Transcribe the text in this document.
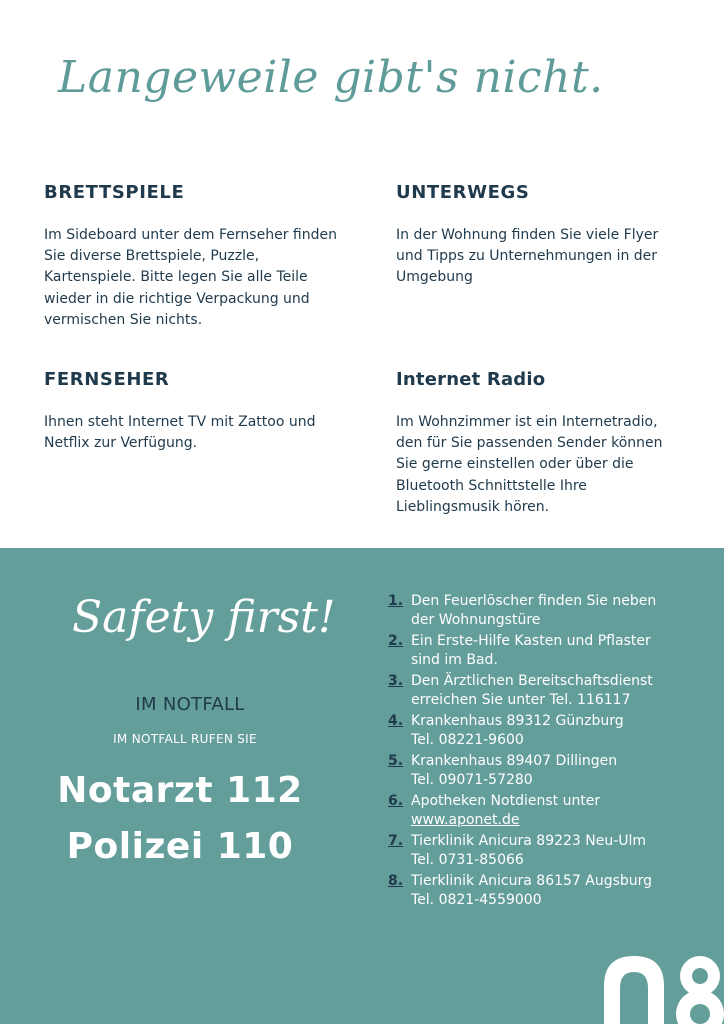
Langeweile gibt's nicht.
BRETTSPIELE

Im Sideboard unter dem Fernseher finden Sie diverse Brettspiele, Puzzle, Kartenspiele. Bitte legen Sie alle Teile wieder in die richtige Verpackung und vermischen Sie nichts.

UNTERWEGS

In der Wohnung finden Sie viele Flyer und Tipps zu Unternehmungen in der Umgebung

FERNSEHER

Ihnen steht Internet TV mit Zattoo und Netflix zur Verfügung.

Internet Radio

Im Wohnzimmer ist ein Internetradio, den für Sie passenden Sender können Sie gerne einstellen oder über die Bluetooth Schnittstelle Ihre Lieblingsmusik hören.

Safety first!
IM NOTFALL
IM NOTFALL RUFEN SIE
Notarzt 112
Polizei 110
1. Den Feuerlöscher finden Sie neben
der Wohnungstüre
2. Ein Erste-Hilfe Kasten und Pflaster
sind im Bad.
3. Den Ärztlichen Bereitschaftsdienst
erreichen Sie unter Tel. 116117
4. Krankenhaus 89312 Günzburg
Tel. 08221-9600
5. Krankenhaus 89407 Dillingen
Tel. 09071-57280
6. Apotheken Notdienst unter
www.aponet.de
7. Tierklinik Anicura 89223 Neu-Ulm
Tel. 0731-85066
8. Tierklinik Anicura 86157 Augsburg
Tel. 0821-4559000
